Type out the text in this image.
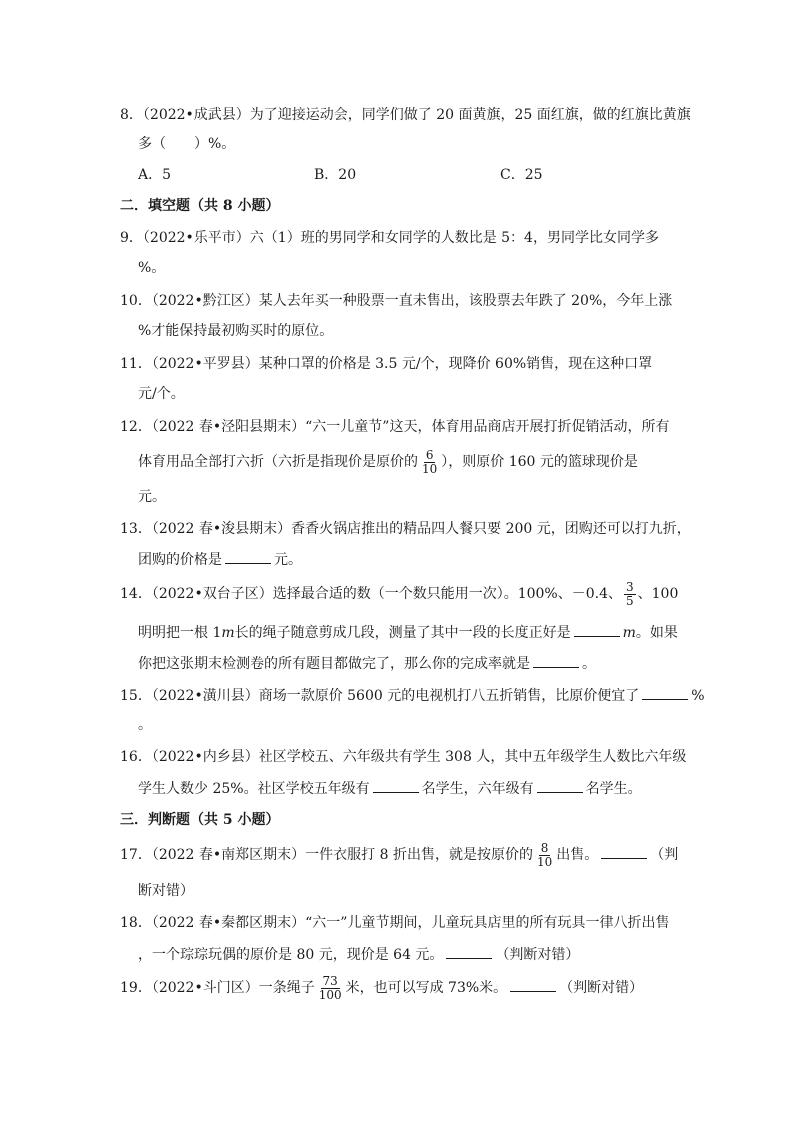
8．（2022•成武县）为了迎接运动会，同学们做了 20 面黄旗，25 面红旗，做的红旗比黄旗
多（　　）%。
A．5	B．20	C．25
二．填空题（共 8 小题）
9．（2022•乐平市）六（1）班的男同学和女同学的人数比是 5：4，男同学比女同学多
%。
10．（2022•黔江区）某人去年买一种股票一直未售出，该股票去年跌了 20%，今年上涨
%才能保持最初购买时的原位。
11．（2022•平罗县）某种口罩的价格是 3.5 元/个，现降价 60%销售，现在这种口罩
元/个。
12．（2022 春•泾阳县期末）“六一儿童节”这天，体育用品商店开展打折促销活动，所有
体育用品全部打六折（六折是指现价是原价的 $\frac{6}{10}$ ），则原价 160 元的篮球现价是
元。
13．（2022 春•浚县期末）香香火锅店推出的精品四人餐只要 200 元，团购还可以打九折，
团购的价格是	元。
14．（2022•双台子区）选择最合适的数（一个数只能用一次）。100%、－0.4、 $\frac{3}{5}$ 、100
明明把一根 1m长的绳子随意剪成几段，测量了其中一段的长度正好是	m。如果
你把这张期末检测卷的所有题目都做完了，那么你的完成率就是	。
15．（2022•潢川县）商场一款原价 5600 元的电视机打八五折销售，比原价便宜了	%
。
16．（2022•内乡县）社区学校五、六年级共有学生 308 人，其中五年级学生人数比六年级
学生人数少 25%。社区学校五年级有	名学生，六年级有	名学生。
三．判断题（共 5 小题）
17．（2022 春•南郑区期末）一件衣服打 8 折出售，就是按原价的 $\frac{8}{10}$ 出售。	（判
断对错）
18．（2022 春•秦都区期末）“六一”儿童节期间，儿童玩具店里的所有玩具一律八折出售
，一个琮琮玩偶的原价是 80 元，现价是 64 元。	（判断对错）
19．（2022•斗门区）一条绳子 $\frac{73}{100}$ 米，也可以写成 73%米。	（判断对错）
